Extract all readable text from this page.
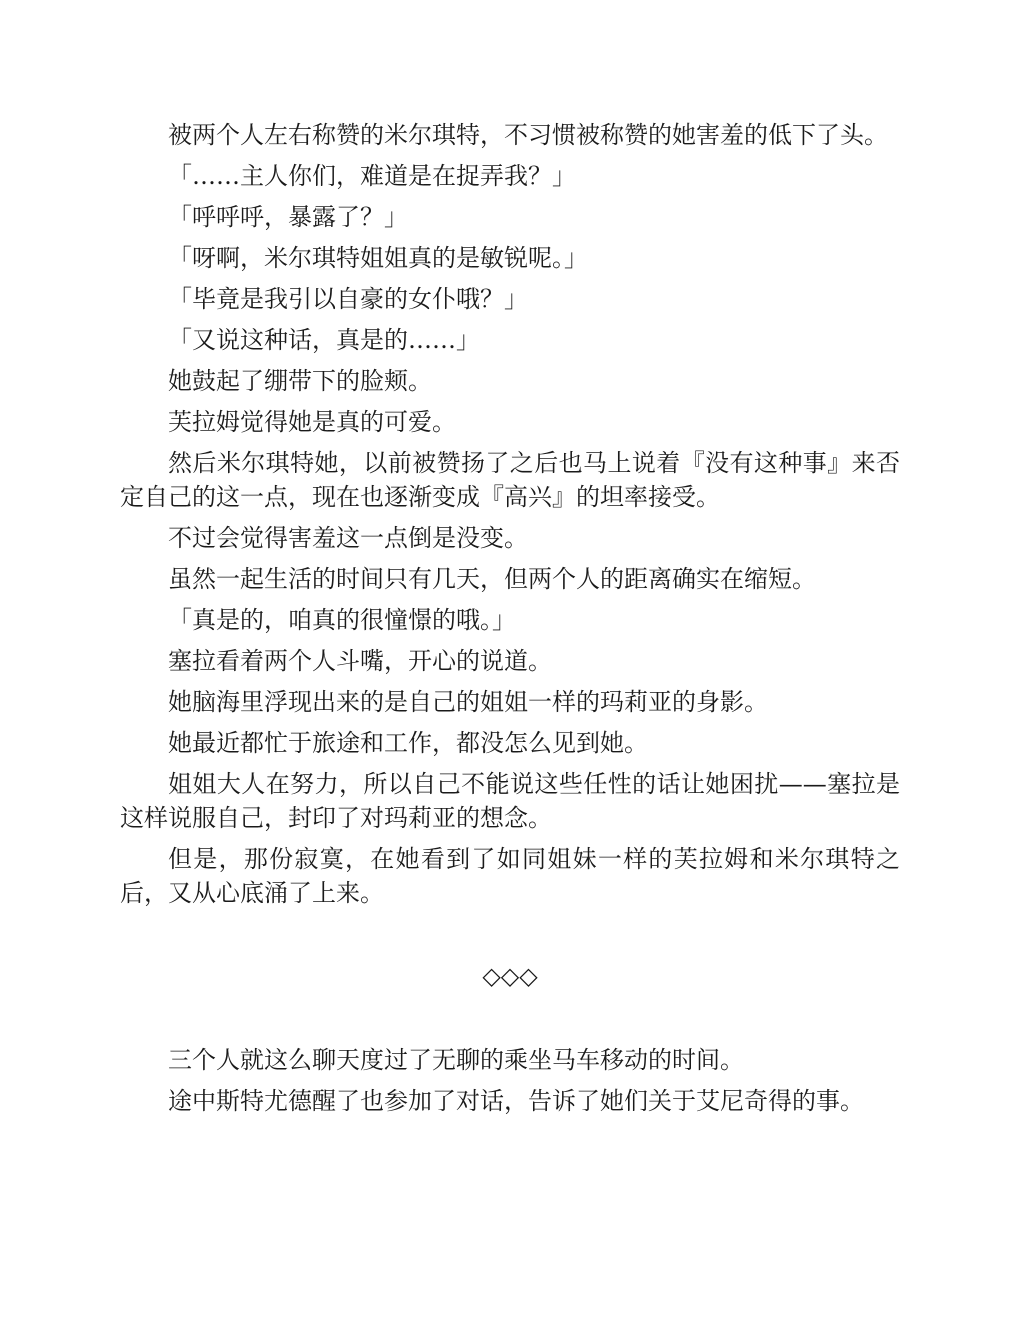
被两个人左右称赞的米尔琪特，不习惯被称赞的她害羞的低下了头。

「……主人你们，难道是在捉弄我？」

「呼呼呼，暴露了？」

「呀啊，米尔琪特姐姐真的是敏锐呢。」

「毕竟是我引以自豪的女仆哦？」

「又说这种话，真是的……」

她鼓起了绷带下的脸颊。

芙拉姆觉得她是真的可爱。

然后米尔琪特她，以前被赞扬了之后也马上说着『没有这种事』来否定自己的这一点，现在也逐渐变成『高兴』的坦率接受。

不过会觉得害羞这一点倒是没变。

虽然一起生活的时间只有几天，但两个人的距离确实在缩短。

「真是的，咱真的很憧憬的哦。」

塞拉看着两个人斗嘴，开心的说道。

她脑海里浮现出来的是自己的姐姐一样的玛莉亚的身影。

她最近都忙于旅途和工作，都没怎么见到她。

姐姐大人在努力，所以自己不能说这些任性的话让她困扰——塞拉是这样说服自己，封印了对玛莉亚的想念。

但是，那份寂寞，在她看到了如同姐妹一样的芙拉姆和米尔琪特之后，又从心底涌了上来。

◇◇◇

三个人就这么聊天度过了无聊的乘坐马车移动的时间。

途中斯特尤德醒了也参加了对话，告诉了她们关于艾尼奇得的事。
